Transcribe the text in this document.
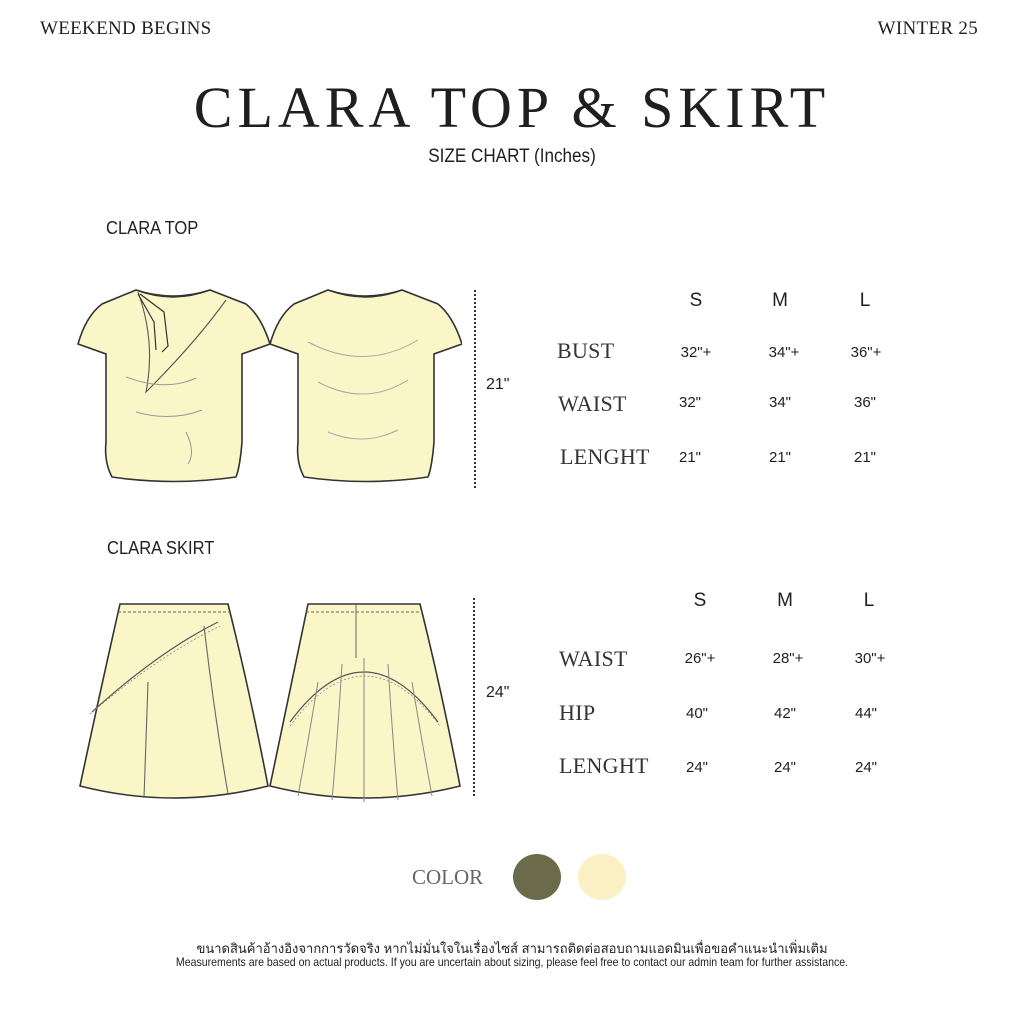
WEEKEND BEGINS	WINTER 25
CLARA TOP & SKIRT
SIZE CHART (Inches)
CLARA TOP
21"
S	M	L
BUST	32"+	34"+	36"+
WAIST	32"	34"	36"
LENGHT	21"	21"	21"
CLARA SKIRT
24"
S	M	L
WAIST	26"+	28"+	30"+
HIP	40"	42"	44"
LENGHT	24"	24"	24"
COLOR
ขนาดสินค้าอ้างอิงจากการวัดจริง หากไม่มั่นใจในเรื่องไซส์ สามารถติดต่อสอบถามแอดมินเพื่อขอคำแนะนำเพิ่มเติม
Measurements are based on actual products. If you are uncertain about sizing, please feel free to contact our admin team for further assistance.
